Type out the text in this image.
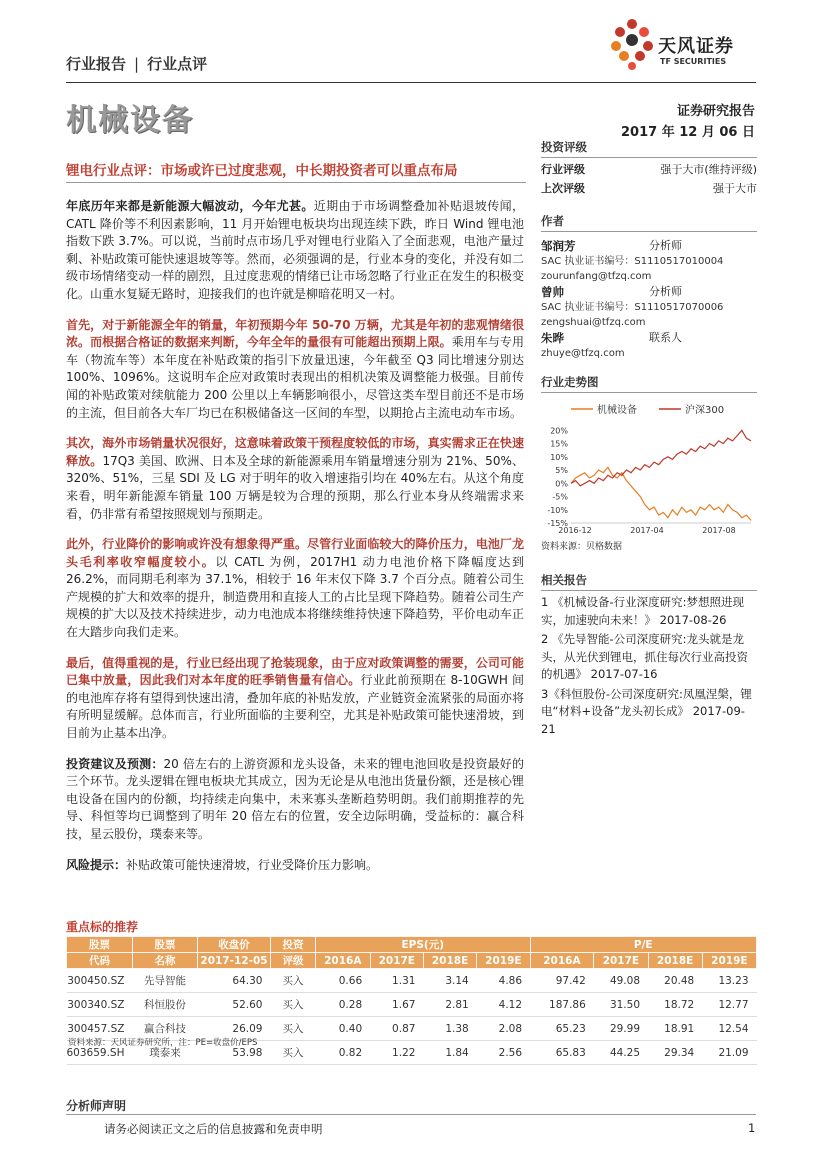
行业报告 | 行业点评
天风证券
TF SECURITIES
机械设备	证券研究报告
2017 年 12 月 06 日
锂电行业点评：市场或许已过度悲观，中长期投资者可以重点布局
年底历年来都是新能源大幅波动，今年尤甚。近期由于市场调整叠加补贴退坡传闻，CATL 降价等不利因素影响，11 月开始锂电板块均出现连续下跌，昨日 Wind 锂电池指数下跌 3.7%。可以说，当前时点市场几乎对锂电行业陷入了全面悲观，电池产量过剩、补贴政策可能快速退坡等等。然而，必须强调的是，行业本身的变化，并没有如二级市场情绪变动一样的剧烈，且过度悲观的情绪已让市场忽略了行业正在发生的积极变化。山重水复疑无路时，迎接我们的也许就是柳暗花明又一村。
首先，对于新能源全年的销量，年初预期今年 50-70 万辆，尤其是年初的悲观情绪很浓。而根据合格证的数据来判断，今年全年的量很有可能超出预期上限。乘用车与专用车（物流车等）本年度在补贴政策的指引下放量迅速，今年截至 Q3 同比增速分别达 100%、1096%。这说明车企应对政策时表现出的相机决策及调整能力极强。目前传闻的补贴政策对续航能力 200 公里以上车辆影响很小，尽管这类车型目前还不是市场的主流，但目前各大车厂均已在积极储备这一区间的车型，以期抢占主流电动车市场。
其次，海外市场销量状况很好，这意味着政策干预程度较低的市场，真实需求正在快速释放。17Q3 美国、欧洲、日本及全球的新能源乘用车销量增速分别为 21%、50%、320%、51%，三星 SDI 及 LG 对于明年的收入增速指引均在 40%左右。从这个角度来看，明年新能源车销量 100 万辆是较为合理的预期，那么行业本身从终端需求来看，仍非常有希望按照规划与预期走。
此外，行业降价的影响或许没有想象得严重。尽管行业面临较大的降价压力，电池厂龙头毛利率收窄幅度较小。以 CATL 为例，2017H1 动力电池价格下降幅度达到 26.2%，而同期毛利率为 37.1%，相较于 16 年末仅下降 3.7 个百分点。随着公司生产规模的扩大和效率的提升，制造费用和直接人工的占比呈现下降趋势。随着公司生产规模的扩大以及技术持续进步，动力电池成本将继续维持快速下降趋势，平价电动车正在大踏步向我们走来。
最后，值得重视的是，行业已经出现了抢装现象，由于应对政策调整的需要，公司可能已集中放量，因此我们对本年度的旺季销售量有信心。行业此前预期在 8-10GWH 间的电池库存将有望得到快速出清，叠加年底的补贴发放，产业链资金流紧张的局面亦将有所明显缓解。总体而言，行业所面临的主要利空，尤其是补贴政策可能快速滑坡，到目前为止基本出净。
投资建议及预测：20 倍左右的上游资源和龙头设备，未来的锂电池回收是投资最好的三个环节。龙头逻辑在锂电板块尤其成立，因为无论是从电池出货量份额，还是核心锂电设备在国内的份额，均持续走向集中，未来寡头垄断趋势明朗。我们前期推荐的先导、科恒等均已调整到了明年 20 倍左右的位置，安全边际明确，受益标的：赢合科技，星云股份，璞泰来等。
风险提示：补贴政策可能快速滑坡，行业受降价压力影响。
投资评级
行业评级	强于大市(维持评级)
上次评级	强于大市
作者
邹润芳	分析师
SAC 执业证书编号：S1110517010004
zourunfang@tfzq.com
曾帅	分析师
SAC 执业证书编号：S1110517070006
zengshuai@tfzq.com
朱晔	联系人
zhuye@tfzq.com
行业走势图
机械设备	沪深300
20%
15%
10%
5%
0%
-5%
-10%
-15%
2016-12	2017-04	2017-08
资料来源：贝格数据
相关报告
1 《机械设备-行业深度研究:梦想照进现实，加速驶向未来！》 2017-08-26
2 《先导智能-公司深度研究:龙头就是龙头，从光伏到锂电，抓住每次行业高投资的机遇》 2017-07-16
3《科恒股份-公司深度研究:凤凰涅槃，锂电“材料+设备”龙头初长成》 2017-09-21
重点标的推荐
股票	股票	收盘价	投资	EPS(元)				P/E			
代码	名称	2017-12-05	评级	2016A	2017E	2018E	2019E	2016A	2017E	2018E	2019E
300450.SZ	先导智能	64.30	买入	0.66	1.31	3.14	4.86	97.42	49.08	20.48	13.23
300340.SZ	科恒股份	52.60	买入	0.28	1.67	2.81	4.12	187.86	31.50	18.72	12.77
300457.SZ	赢合科技	26.09	买入	0.40	0.87	1.38	2.08	65.23	29.99	18.91	12.54
603659.SH	璞泰来	53.98	买入	0.82	1.22	1.84	2.56	65.83	44.25	29.34	21.09
资料来源：天风证券研究所，注：PE=收盘价/EPS
分析师声明
请务必阅读正文之后的信息披露和免责申明	1
